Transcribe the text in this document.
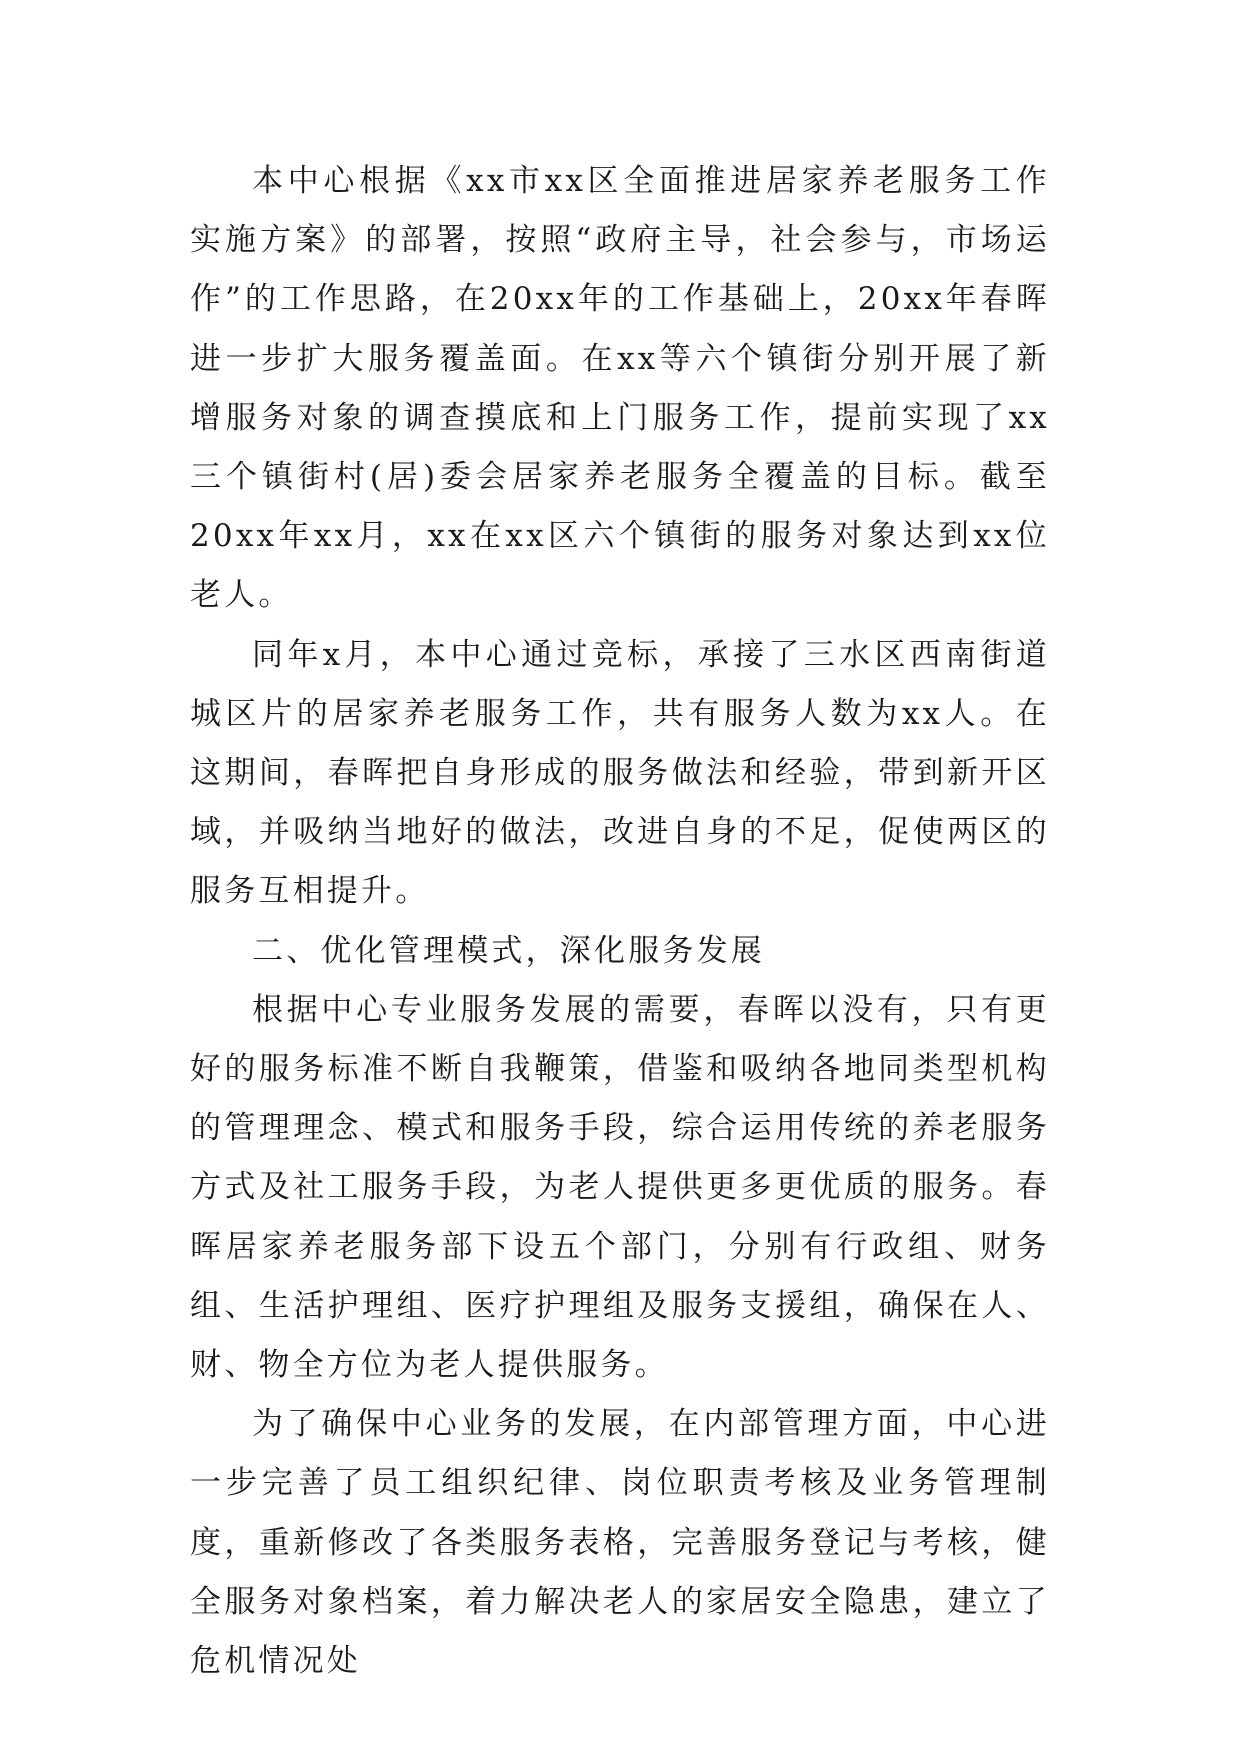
本中心根据《xx市xx区全面推进居家养老服务工作实施方案》的部署，按照“政府主导，社会参与，市场运作”的工作思路，在20xx年的工作基础上，20xx年春晖进一步扩大服务覆盖面。在xx等六个镇街分别开展了新增服务对象的调查摸底和上门服务工作，提前实现了xx三个镇街村(居)委会居家养老服务全覆盖的目标。截至20xx年xx月，xx在xx区六个镇街的服务对象达到xx位老人。

同年x月，本中心通过竞标，承接了三水区西南街道城区片的居家养老服务工作，共有服务人数为xx人。在这期间，春晖把自身形成的服务做法和经验，带到新开区域，并吸纳当地好的做法，改进自身的不足，促使两区的服务互相提升。

二、优化管理模式，深化服务发展

根据中心专业服务发展的需要，春晖以没有，只有更好的服务标准不断自我鞭策，借鉴和吸纳各地同类型机构的管理理念、模式和服务手段，综合运用传统的养老服务方式及社工服务手段，为老人提供更多更优质的服务。春晖居家养老服务部下设五个部门，分别有行政组、财务组、生活护理组、医疗护理组及服务支援组，确保在人、财、物全方位为老人提供服务。

为了确保中心业务的发展，在内部管理方面，中心进一步完善了员工组织纪律、岗位职责考核及业务管理制度，重新修改了各类服务表格，完善服务登记与考核，健全服务对象档案，着力解决老人的家居安全隐患，建立了危机情况处
